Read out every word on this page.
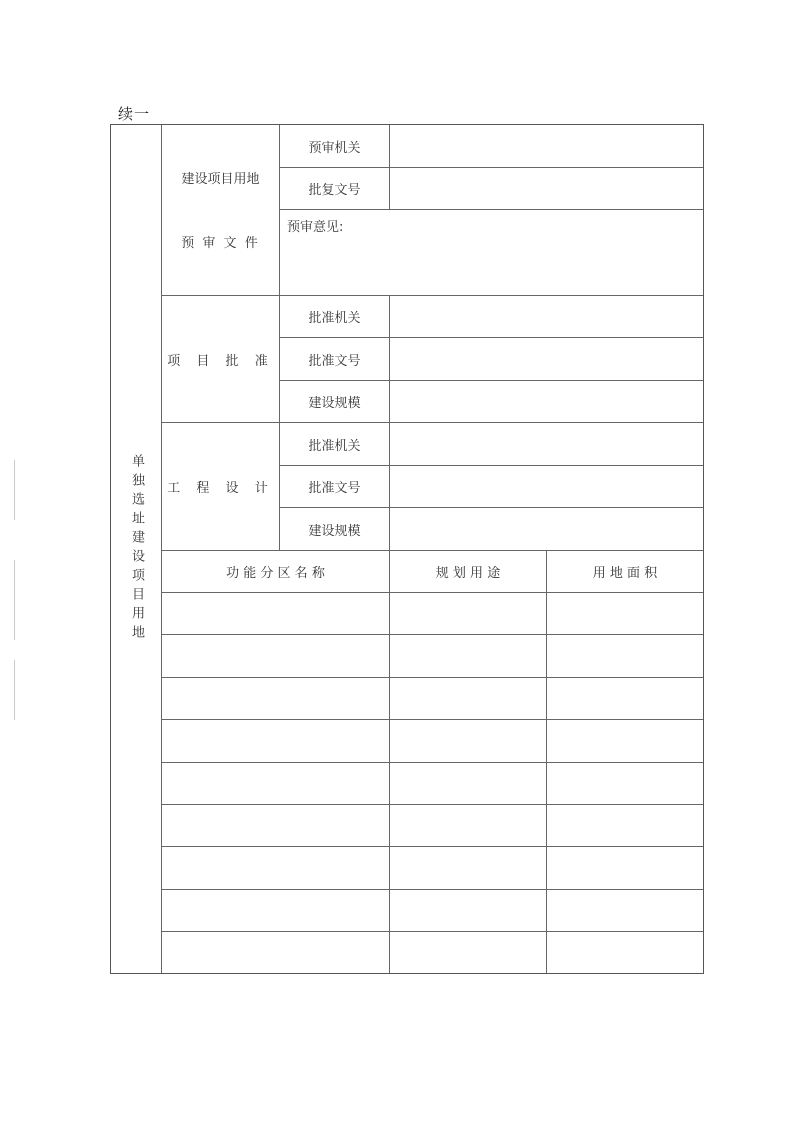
续一
单独选址建设项目用地
建设项目用地
预 审 文 件
预审机关
批复文号
预审意见:
项 目 批 准
批准机关
批准文号
建设规模
工 程 设 计
批准机关
批准文号
建设规模
功 能 分 区 名 称	规 划 用 途	用 地 面 积
